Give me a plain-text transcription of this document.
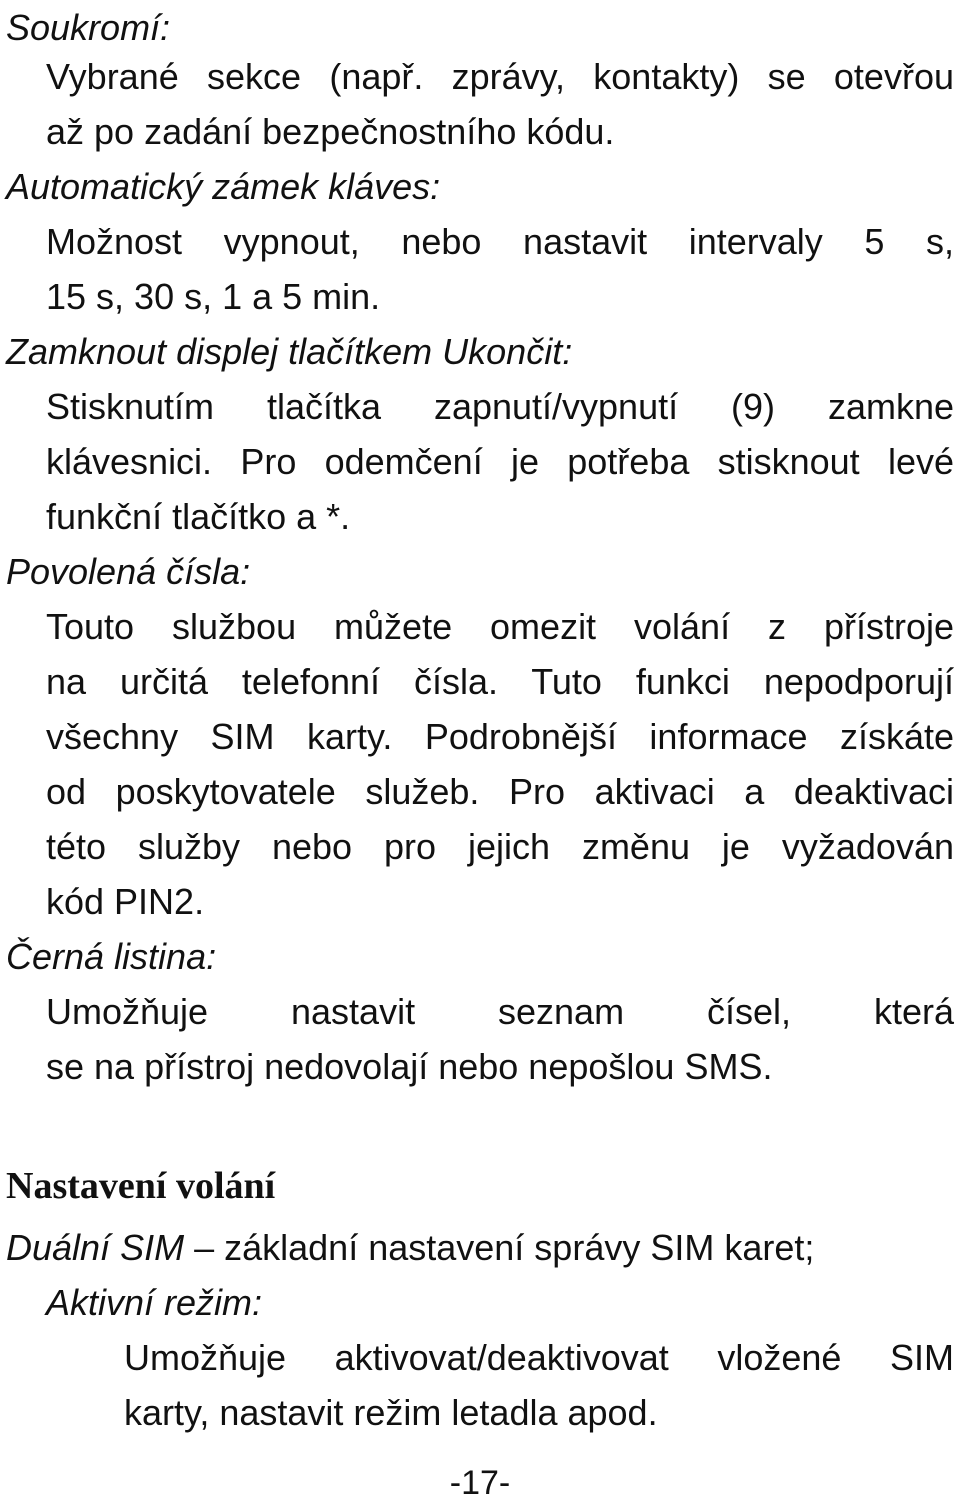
Soukromí:
Vybrané sekce (např. zprávy, kontakty) se otevřou
až po zadání bezpečnostního kódu.
Automatický zámek kláves:
Možnost vypnout, nebo nastavit intervaly 5 s,
15 s, 30 s, 1 a 5 min.
Zamknout displej tlačítkem Ukončit:
Stisknutím tlačítka zapnutí/vypnutí (9) zamkne
klávesnici. Pro odemčení je potřeba stisknout levé
funkční tlačítko a *.
Povolená čísla:
Touto službou můžete omezit volání z přístroje
na určitá telefonní čísla. Tuto funkci nepodporují
všechny SIM karty. Podrobnější informace získáte
od poskytovatele služeb. Pro aktivaci a deaktivaci
této služby nebo pro jejich změnu je vyžadován
kód PIN2.
Černá listina:
Umožňuje nastavit seznam čísel, která
se na přístroj nedovolají nebo nepošlou SMS.
Nastavení volání
Duální SIM – základní nastavení správy SIM karet;
Aktivní režim:
Umožňuje aktivovat/deaktivovat vložené SIM
karty, nastavit režim letadla apod.
-17-
